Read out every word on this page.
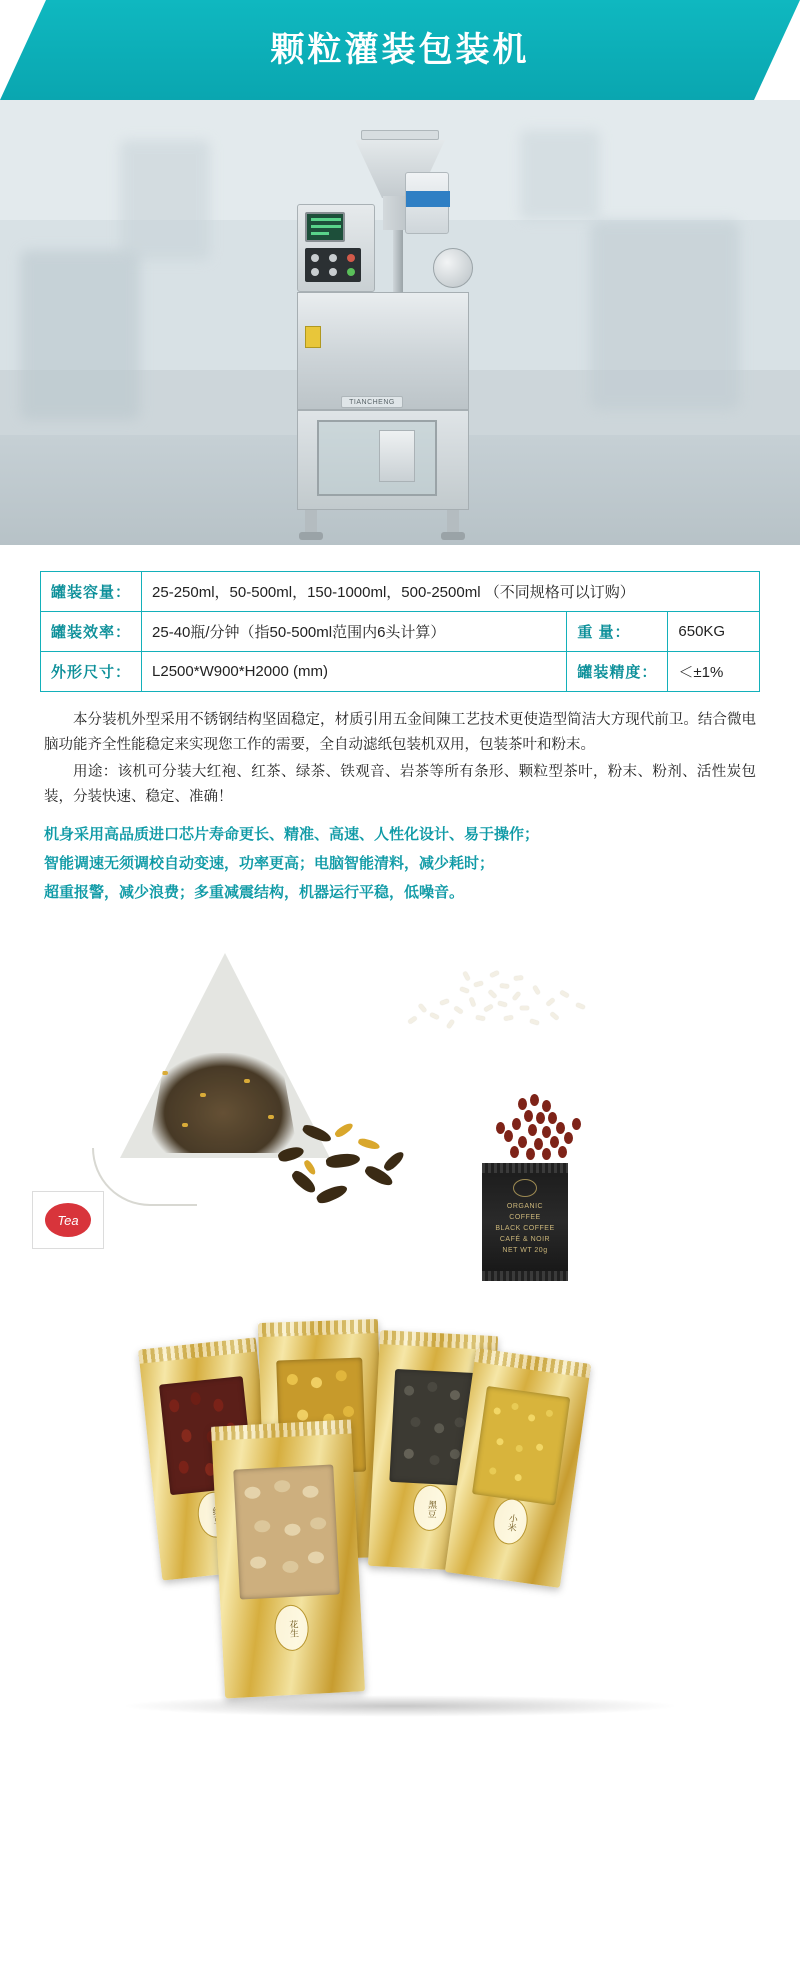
颗粒灌装包装机
TIANCHENG
罐装容量：	25-250ml，50-500ml，150-1000ml，500-2500ml （不同规格可以订购）		
罐装效率：	25-40瓶/分钟（指50-500ml范围内6头计算）	重 量：	650KG
外形尺寸：	L2500*W900*H2000 (mm)	罐装精度：	＜±1%

本分装机外型采用不锈钢结构坚固稳定，材质引用五金间陳工艺技术更使造型简洁大方现代前卫。结合微电脑功能齐全性能稳定来实现您工作的需要，全自动滤纸包装机双用，包装茶叶和粉末。

用途：该机可分装大红袍、红茶、绿茶、铁观音、岩茶等所有条形、颗粒型茶叶，粉末、粉剂、活性炭包装，分装快速、稳定、准确！

机身采用高品质进口芯片寿命更长、精准、高速、人性化设计、易于操作；
智能调速无须调校自动变速，功率更高；电脑智能清料，减少耗时；
超重报警，减少浪费；多重减震结构，机器运行平稳，低噪音。
Tea
ORGANIC
COFFEE
BLACK COFFEE
CAFÉ & NOIR
NET WT 20g
黑豆
小米
花生
